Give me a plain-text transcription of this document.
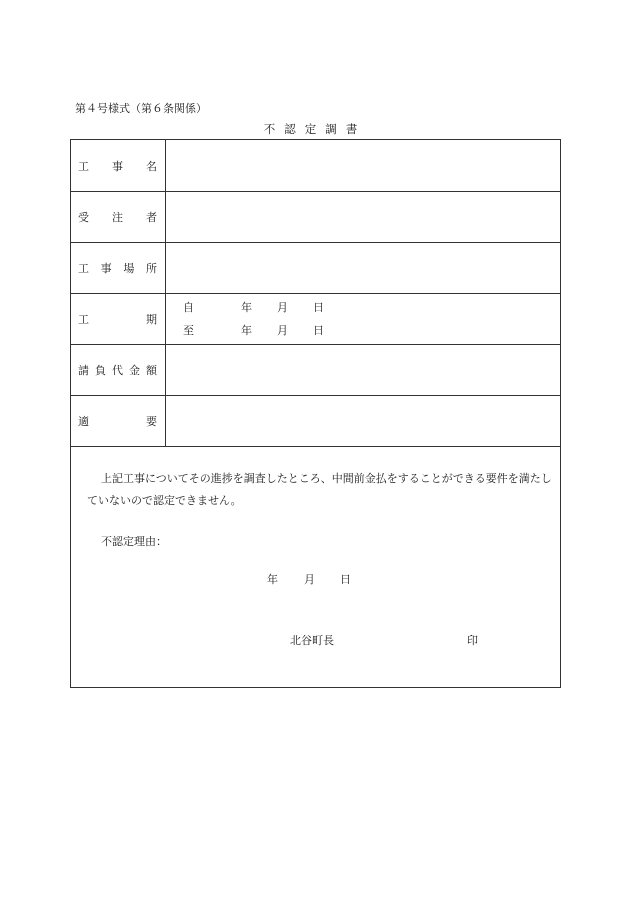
第４号様式（第６条関係）
不認定調書
工 事 名
受 注 者
工 事 場 所
工	期
自	年 月 日
至	年 月 日
請 負 代 金 額
適	要
上記工事についてその進捗を調査したところ、中間前金払をすることができる要件を満たしていないので認定できません。
不認定理由：
年 月 日
北谷町長	印
